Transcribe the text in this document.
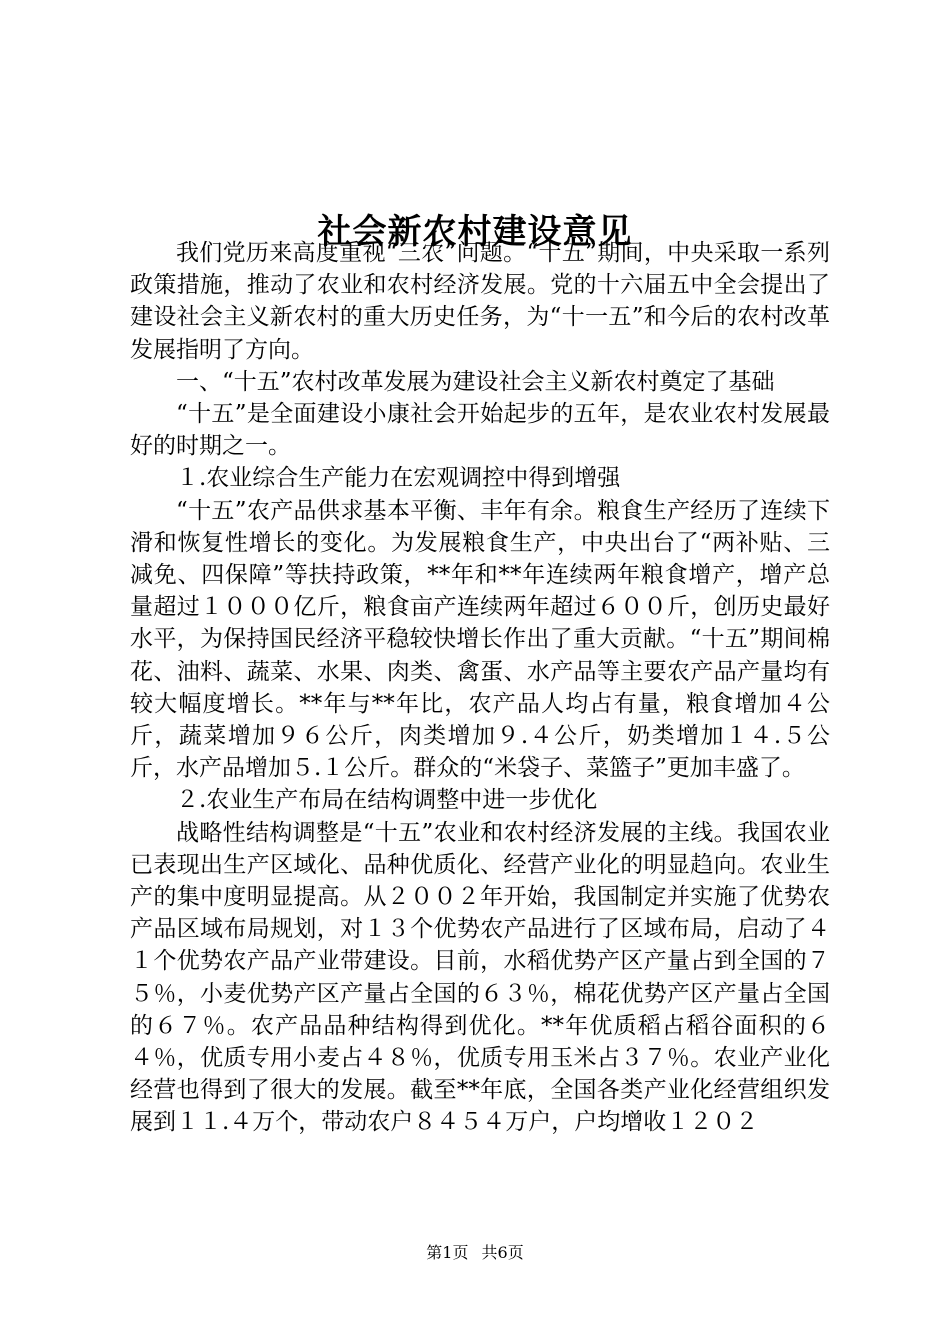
社会新农村建设意见

我们党历来高度重视“三农”问题。“十五”期间，中央采取一系列政策措施，推动了农业和农村经济发展。党的十六届五中全会提出了建设社会主义新农村的重大历史任务，为“十一五”和今后的农村改革发展指明了方向。

一、“十五”农村改革发展为建设社会主义新农村奠定了基础

“十五”是全面建设小康社会开始起步的五年，是农业农村发展最好的时期之一。

１.农业综合生产能力在宏观调控中得到增强

“十五”农产品供求基本平衡、丰年有余。粮食生产经历了连续下滑和恢复性增长的变化。为发展粮食生产，中央出台了“两补贴、三减免、四保障”等扶持政策，**年和**年连续两年粮食增产，增产总量超过１０００亿斤，粮食亩产连续两年超过６００斤，创历史最好水平，为保持国民经济平稳较快增长作出了重大贡献。“十五”期间棉花、油料、蔬菜、水果、肉类、禽蛋、水产品等主要农产品产量均有较大幅度增长。**年与**年比，农产品人均占有量，粮食增加４公斤，蔬菜增加９６公斤，肉类增加９.４公斤，奶类增加１４.５公斤，水产品增加５.１公斤。群众的“米袋子、菜篮子”更加丰盛了。

２.农业生产布局在结构调整中进一步优化

战略性结构调整是“十五”农业和农村经济发展的主线。我国农业已表现出生产区域化、品种优质化、经营产业化的明显趋向。农业生产的集中度明显提高。从２００２年开始，我国制定并实施了优势农产品区域布局规划，对１３个优势农产品进行了区域布局，启动了４１个优势农产品产业带建设。目前，水稻优势产区产量占到全国的７５％，小麦优势产区产量占全国的６３％，棉花优势产区产量占全国的６７％。农产品品种结构得到优化。**年优质稻占稻谷面积的６４％，优质专用小麦占４８％，优质专用玉米占３７％。农业产业化经营也得到了很大的发展。截至**年底，全国各类产业化经营组织发展到１１.４万个，带动农户８４５４万户，户均增收１２０２

第1页 共6页
